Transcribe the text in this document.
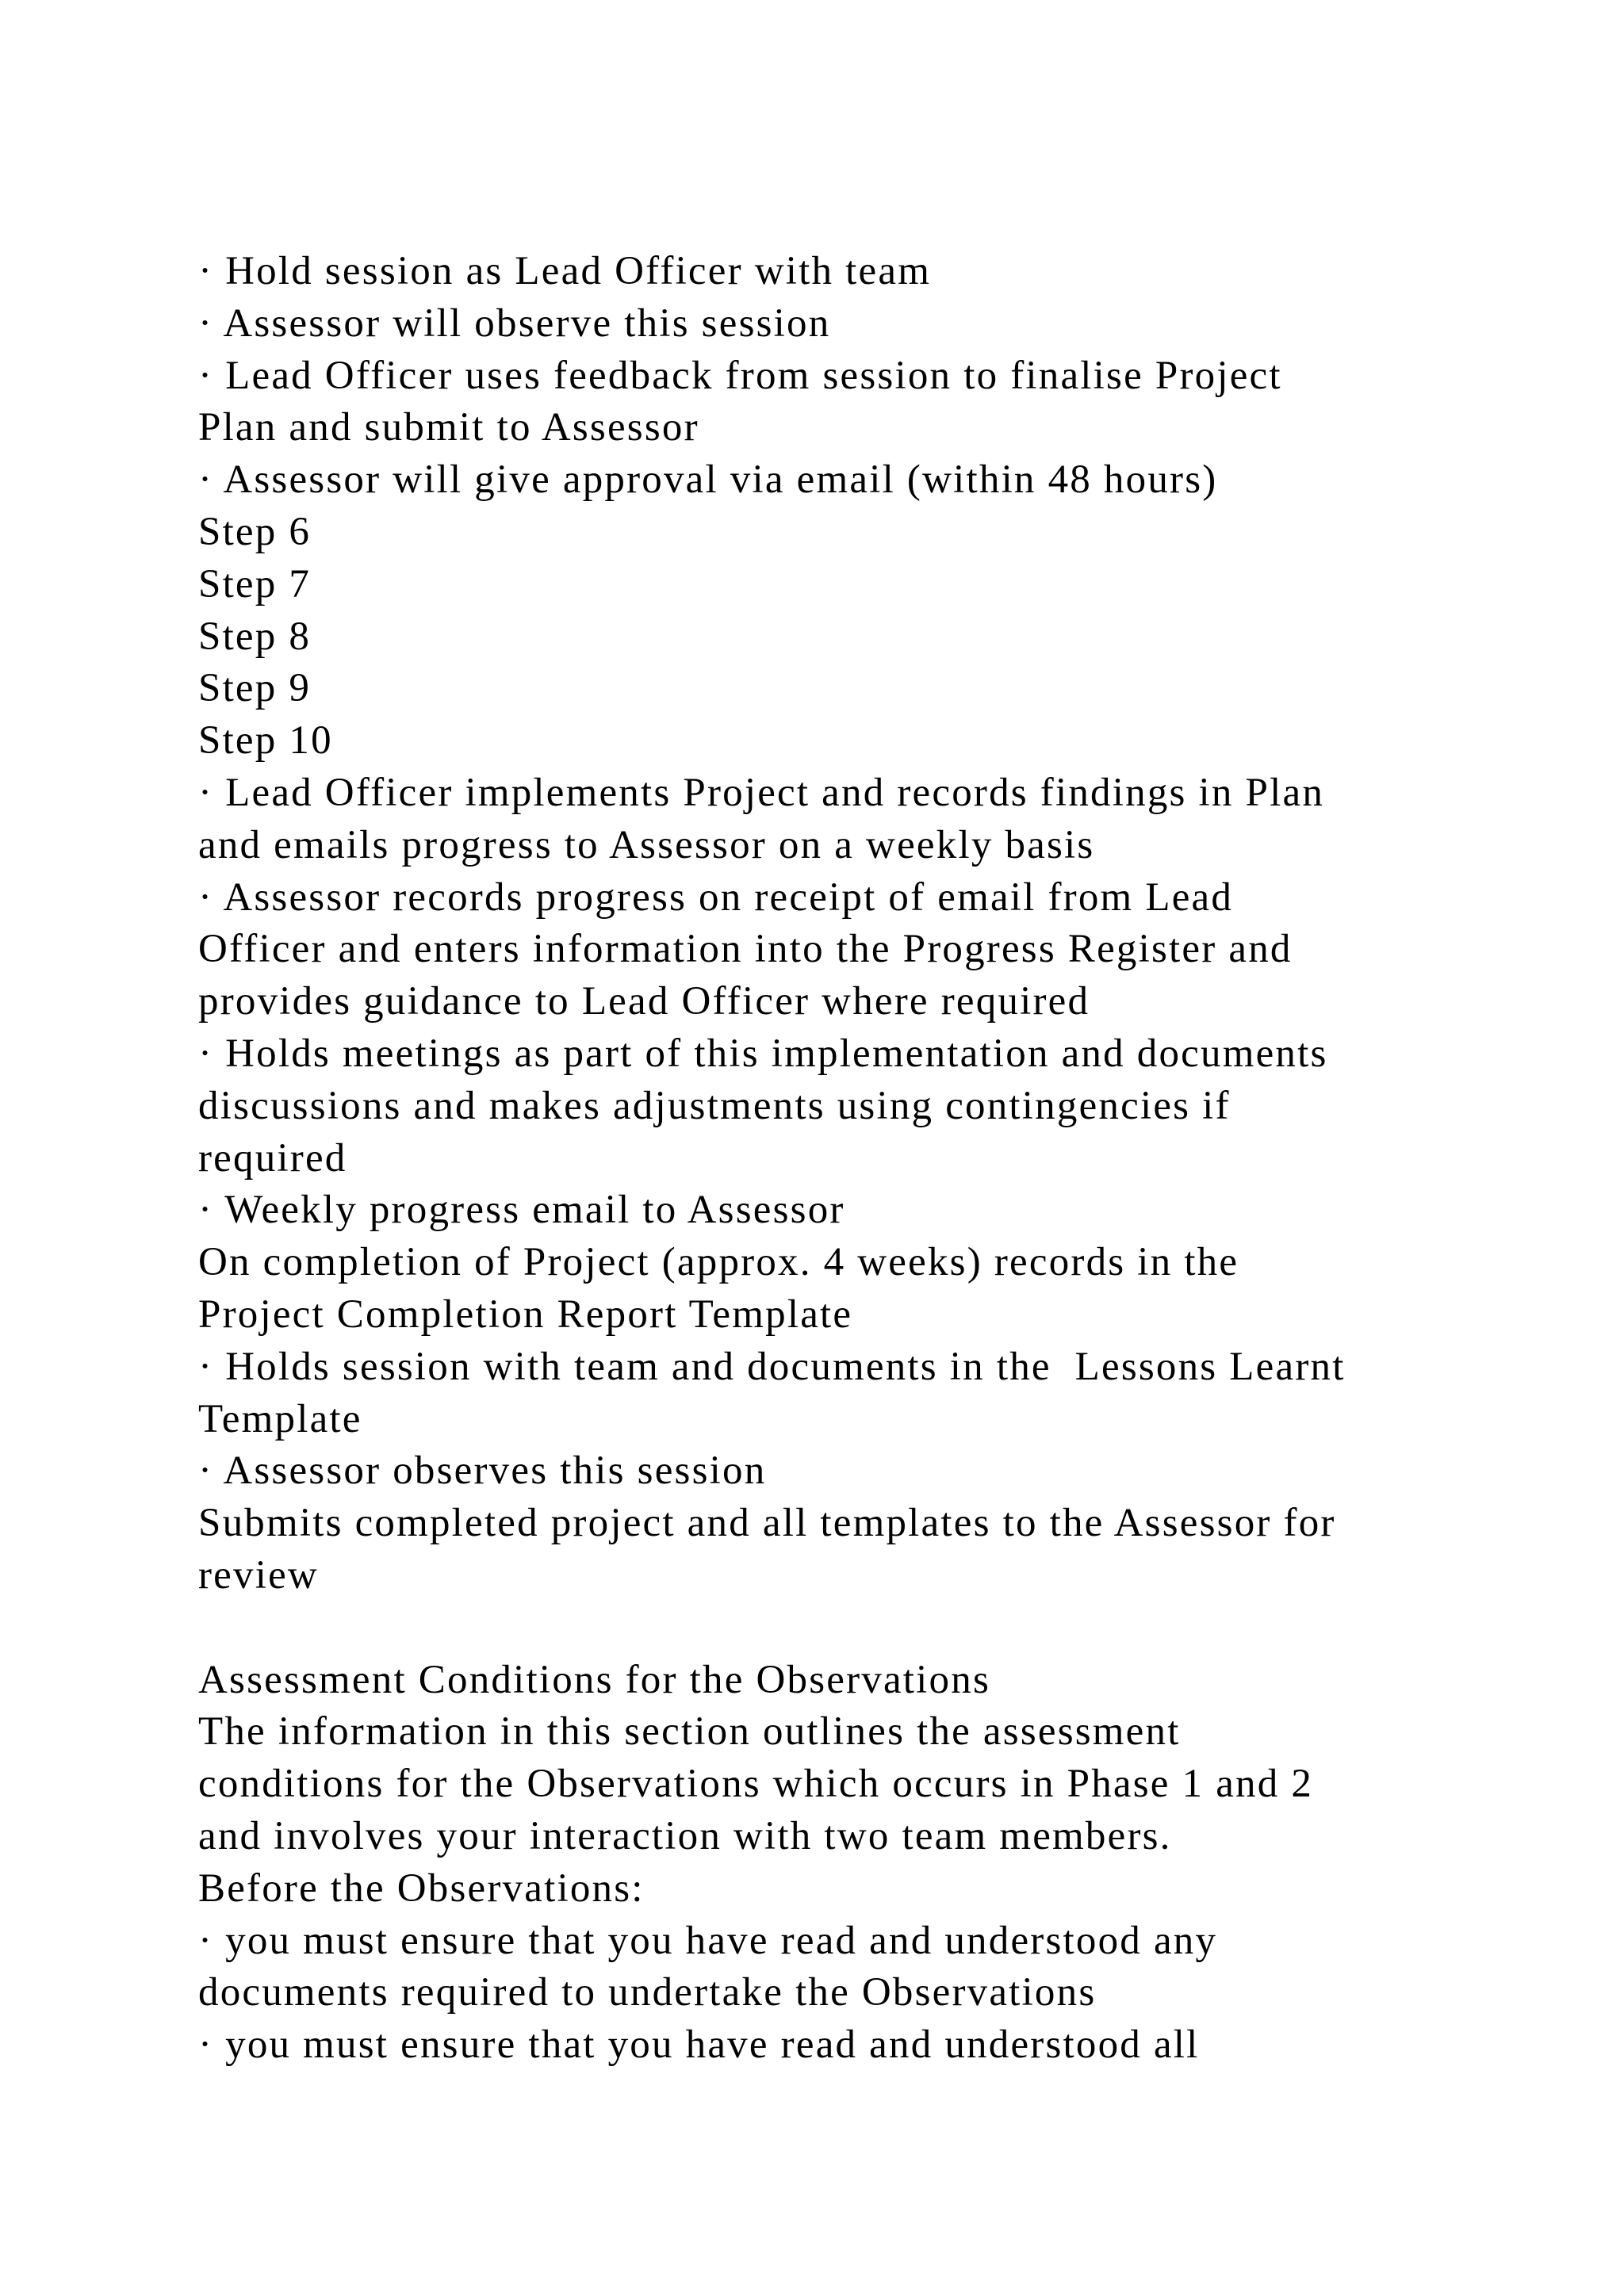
· Hold session as Lead Officer with team
· Assessor will observe this session
· Lead Officer uses feedback from session to finalise Project
Plan and submit to Assessor
· Assessor will give approval via email (within 48 hours)
Step 6
Step 7
Step 8
Step 9
Step 10
· Lead Officer implements Project and records findings in Plan
and emails progress to Assessor on a weekly basis
· Assessor records progress on receipt of email from Lead
Officer and enters information into the Progress Register and
provides guidance to Lead Officer where required
· Holds meetings as part of this implementation and documents
discussions and makes adjustments using contingencies if
required
· Weekly progress email to Assessor
On completion of Project (approx. 4 weeks) records in the
Project Completion Report Template
· Holds session with team and documents in the  Lessons Learnt
Template
· Assessor observes this session
Submits completed project and all templates to the Assessor for
review
Assessment Conditions for the Observations
The information in this section outlines the assessment
conditions for the Observations which occurs in Phase 1 and 2
and involves your interaction with two team members.
Before the Observations:
· you must ensure that you have read and understood any
documents required to undertake the Observations
· you must ensure that you have read and understood all
